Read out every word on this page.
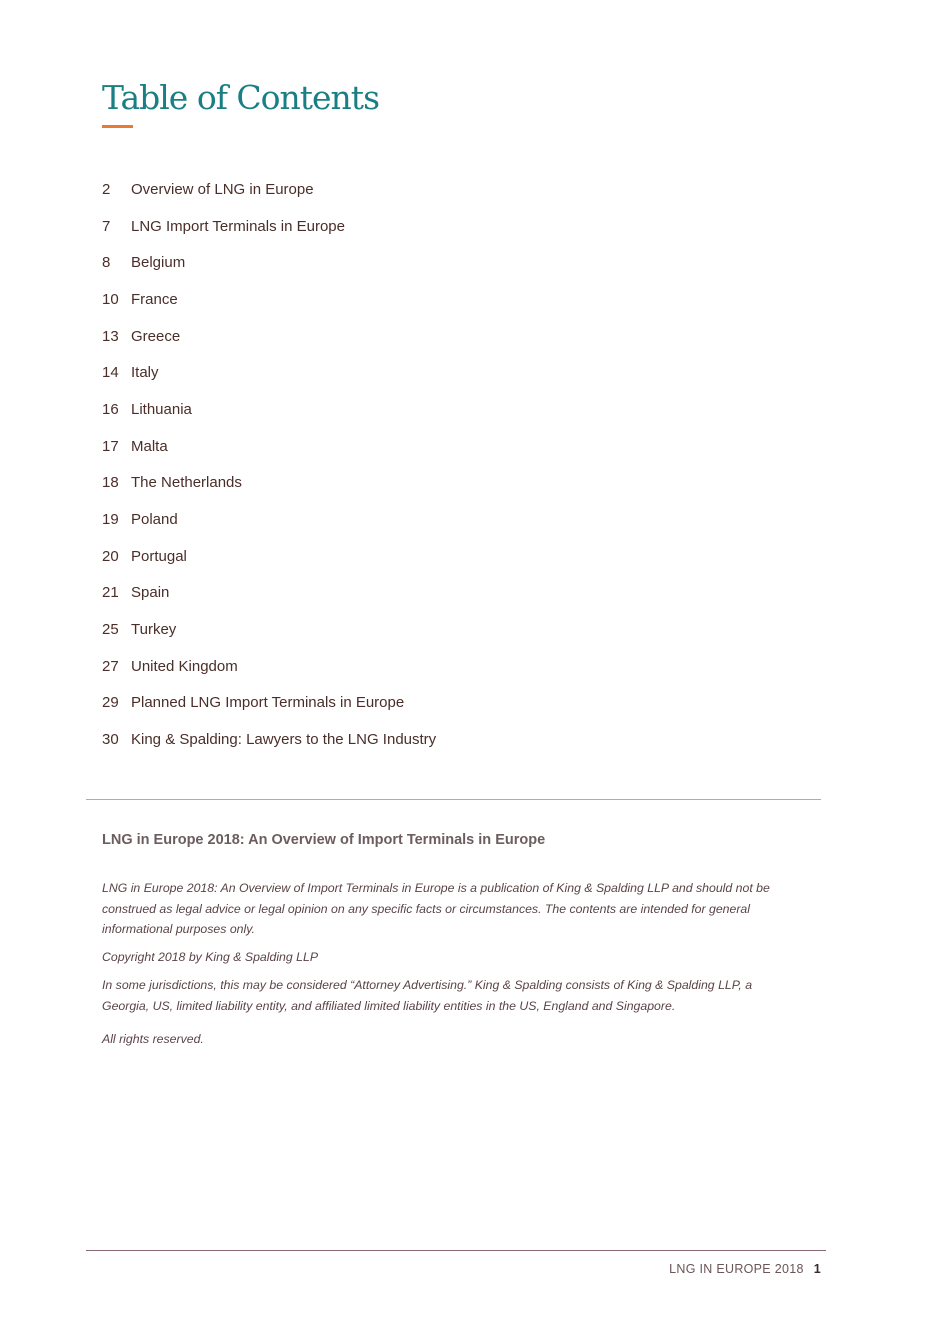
Table of Contents
2	Overview of LNG in Europe
7	LNG Import Terminals in Europe
8	Belgium
10 France
13 Greece
14 Italy
16 Lithuania
17 Malta
18 The Netherlands
19 Poland
20 Portugal
21 Spain
25 Turkey
27 United Kingdom
29 Planned LNG Import Terminals in Europe
30 King & Spalding: Lawyers to the LNG Industry
LNG in Europe 2018: An Overview of Import Terminals in Europe

LNG in Europe 2018: An Overview of Import Terminals in Europe is a publication of King & Spalding LLP and should not be construed as legal advice or legal opinion on any specific facts or circumstances. The contents are intended for general informational purposes only.

Copyright 2018 by King & Spalding LLP

In some jurisdictions, this may be considered “Attorney Advertising.” King & Spalding consists of King & Spalding LLP, a Georgia, US, limited liability entity, and affiliated limited liability entities in the US, England and Singapore.

All rights reserved.

LNG IN EUROPE 2018 1
